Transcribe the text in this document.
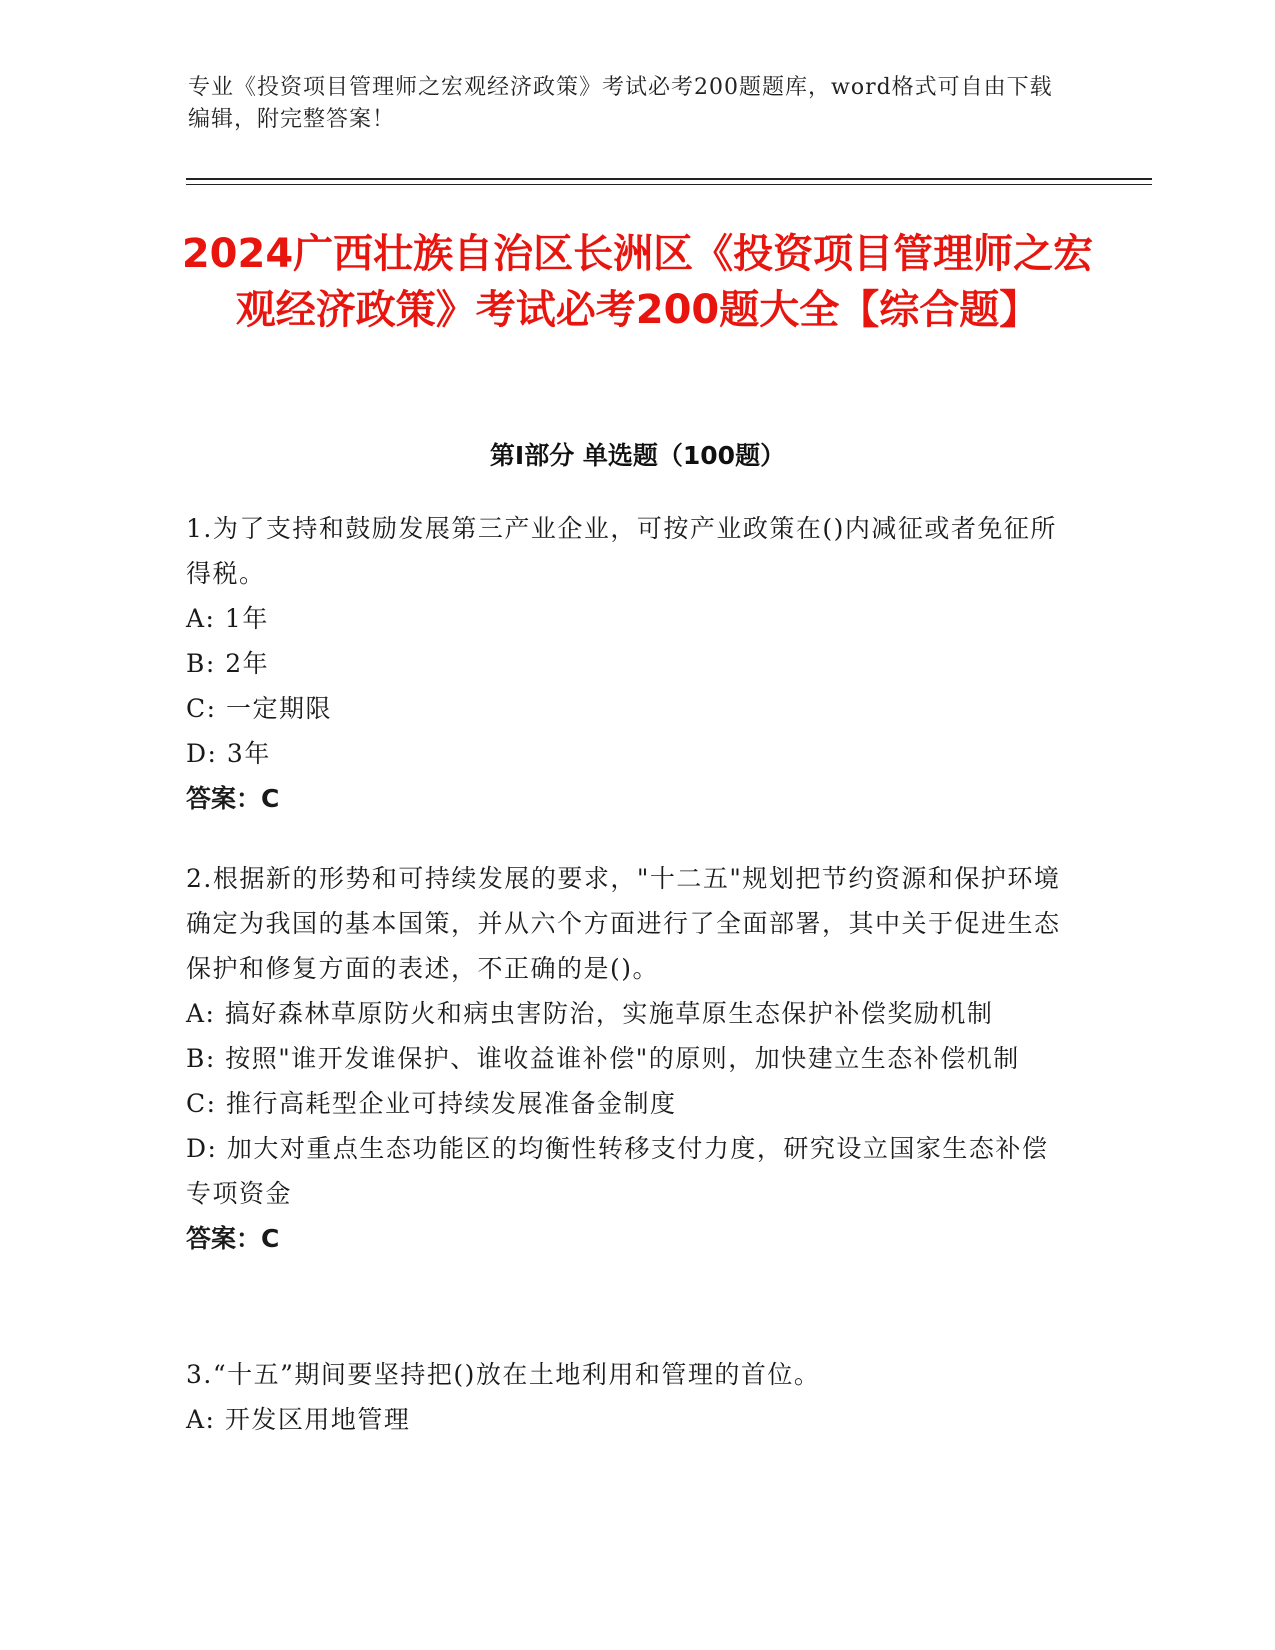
专业《投资项目管理师之宏观经济政策》考试必考200题题库，word格式可自由下载编辑，附完整答案！
2024广西壮族自治区长洲区《投资项目管理师之宏观经济政策》考试必考200题大全【综合题】
第I部分 单选题（100题）

1.为了支持和鼓励发展第三产业企业，可按产业政策在()内减征或者免征所得税。

A: 1年

B: 2年

C: 一定期限

D: 3年

答案：C

2.根据新的形势和可持续发展的要求，"十二五"规划把节约资源和保护环境确定为我国的基本国策，并从六个方面进行了全面部署，其中关于促进生态保护和修复方面的表述，不正确的是()。

A: 搞好森林草原防火和病虫害防治，实施草原生态保护补偿奖励机制

B: 按照"谁开发谁保护、谁收益谁补偿"的原则，加快建立生态补偿机制

C: 推行高耗型企业可持续发展准备金制度

D: 加大对重点生态功能区的均衡性转移支付力度，研究设立国家生态补偿专项资金

答案：C

3.“十五”期间要坚持把()放在土地利用和管理的首位。

A: 开发区用地管理
